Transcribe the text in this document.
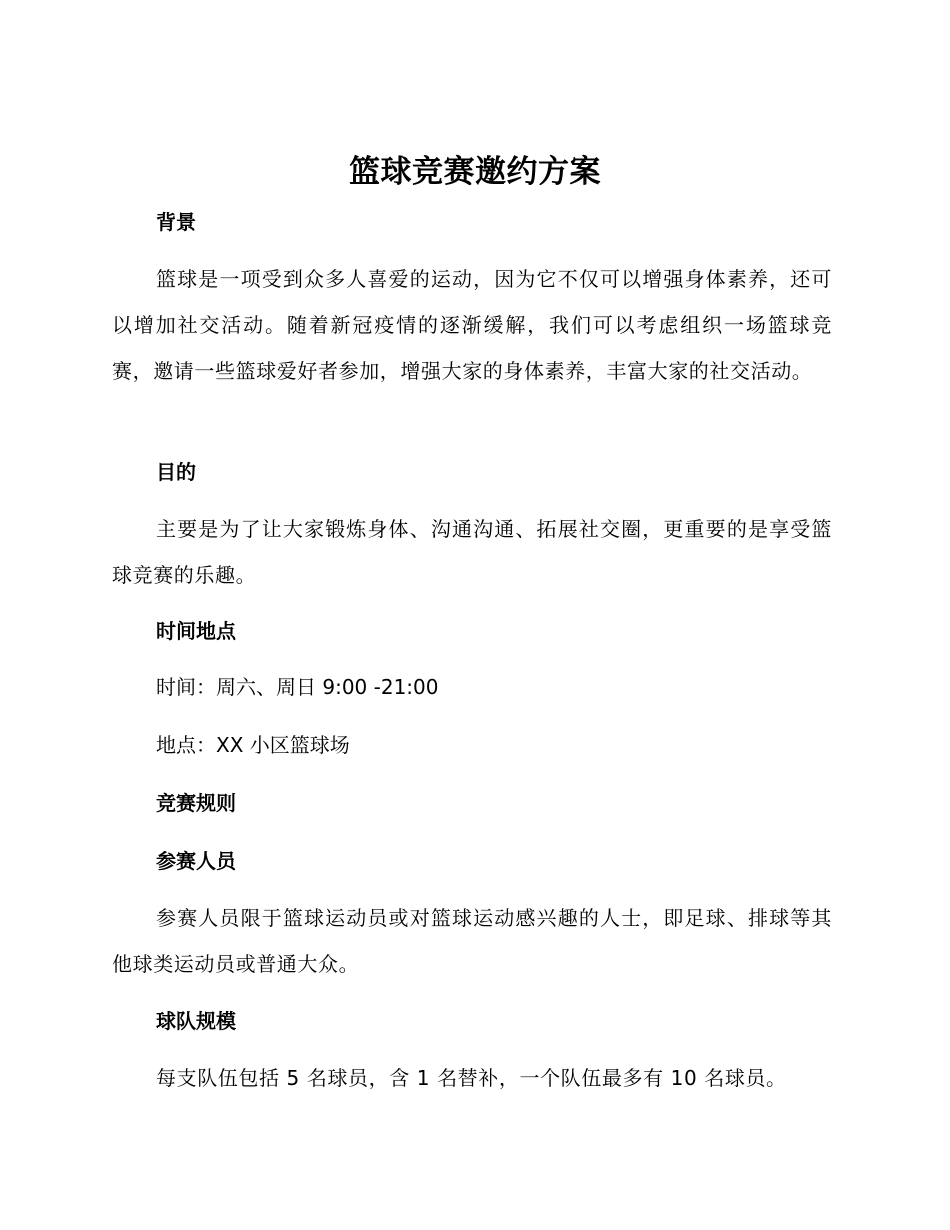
篮球竞赛邀约方案
背景
篮球是一项受到众多人喜爱的运动，因为它不仅可以增强身体素养，还可以增加社交活动。随着新冠疫情的逐渐缓解，我们可以考虑组织一场篮球竞赛，邀请一些篮球爱好者参加，增强大家的身体素养，丰富大家的社交活动。
目的
主要是为了让大家锻炼身体、沟通沟通、拓展社交圈，更重要的是享受篮球竞赛的乐趣。
时间地点
时间：周六、周日 9:00 -21:00
地点：XX 小区篮球场
竞赛规则
参赛人员
参赛人员限于篮球运动员或对篮球运动感兴趣的人士，即足球、排球等其他球类运动员或普通大众。
球队规模
每支队伍包括 5 名球员，含 1 名替补，一个队伍最多有 10 名球员。
